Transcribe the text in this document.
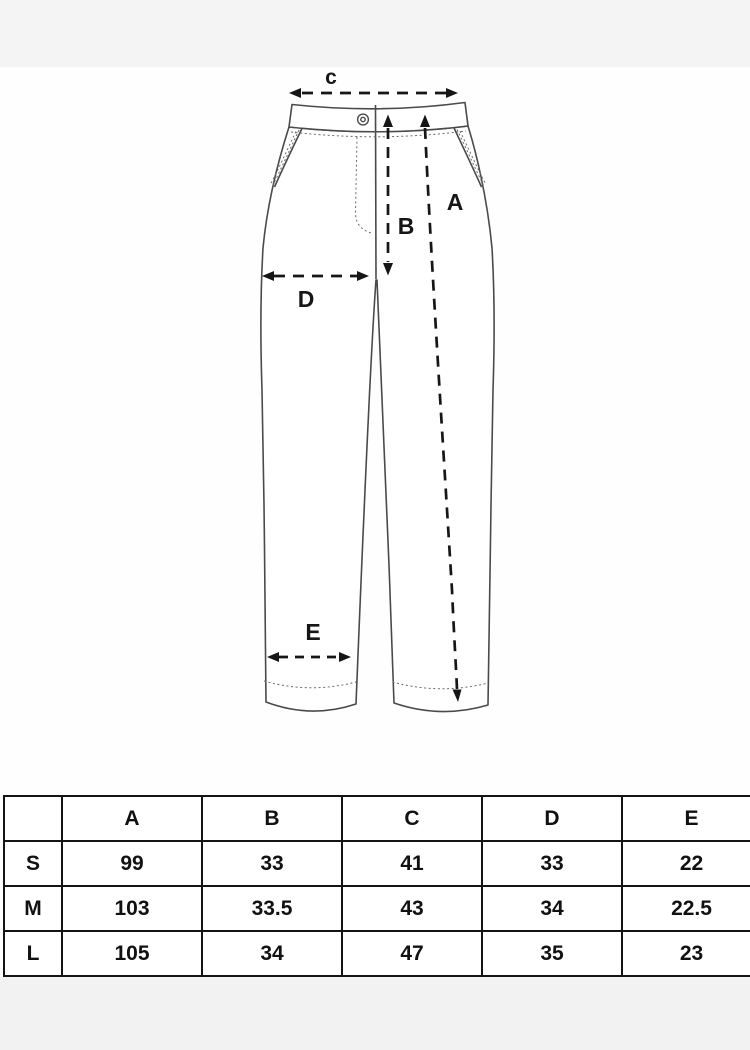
c
A
B
D
E
	A	B	C	D	E
S	99	33	41	33	22
M	103	33.5	43	34	22.5
L	105	34	47	35	23
